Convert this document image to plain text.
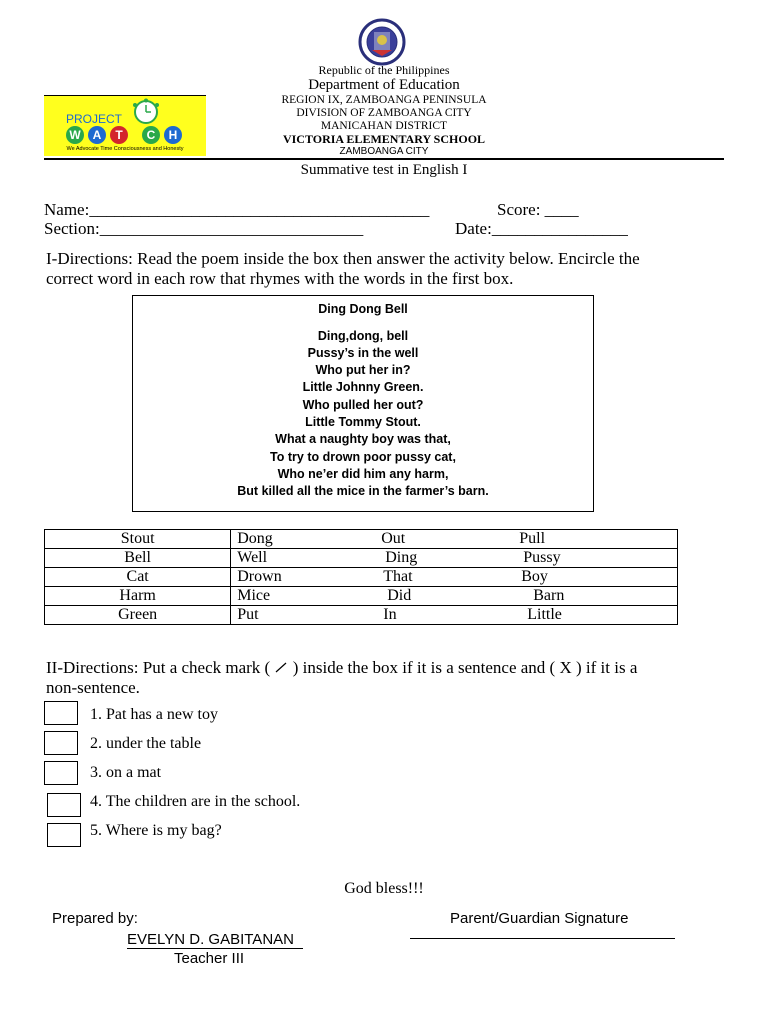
Republic of the Philippines
Department of Education
REGION IX, ZAMBOANGA PENINSULA
DIVISION OF ZAMBOANGA CITY
MANICAHAN DISTRICT
VICTORIA ELEMENTARY SCHOOL
ZAMBOANGA CITY
PROJECT
W	A	T	C	H
We Advocate Time Consciousness and Honesty
Summative test in English I
Name:________________________________________	Score: ____
Section:_______________________________	Date:________________
I-Directions: Read the poem inside the box then answer the activity below. Encircle the
correct word in each row that rhymes with the words in the first box.
Ding Dong Bell
Ding,dong, bell
Pussy’s in the well
Who put her in?
Little Johnny Green.
Who pulled her out?
Little Tommy Stout.
What a naughty boy was that,
To try to drown poor pussy cat,
Who ne’er did him any harm,
But killed all the mice in the farmer’s barn.
Stout	Dong Out Pull

Bell	Well Ding Pussy

Cat	Drown That Boy

Harm	Mice Did Barn

Green	Put In Little
II-Directions: Put a check mark ( ) inside the box if it is a sentence and ( X ) if it is a
non-sentence.
1. Pat has a new toy
2. under the table
3. on a mat
4. The children are in the school.
5. Where is my bag?
God bless!!!
Prepared by:
EVELYN D. GABITANAN
Teacher III
Parent/Guardian Signature
